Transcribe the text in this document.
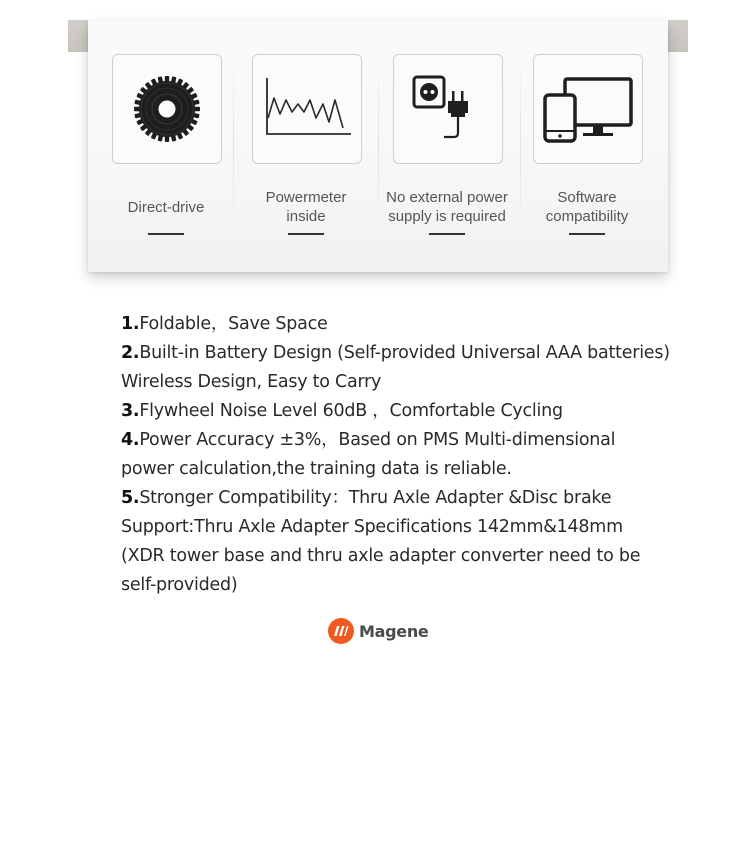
Direct-drive
Powermeter
inside
No external power
supply is required
Software
compatibility
1.Foldable，Save Space
2.Built-in Battery Design (Self-provided Universal AAA batteries)
Wireless Design, Easy to Carry
3.Flywheel Noise Level 60dB ，Comfortable Cycling
4.Power Accuracy ±3%，Based on PMS Multi-dimensional
power calculation,the training data is reliable.
5.Stronger Compatibility：Thru Axle Adapter &Disc brake
Support:Thru Axle Adapter Specifications 142mm&148mm
(XDR tower base and thru axle adapter converter need to be
self-provided)
Magene
